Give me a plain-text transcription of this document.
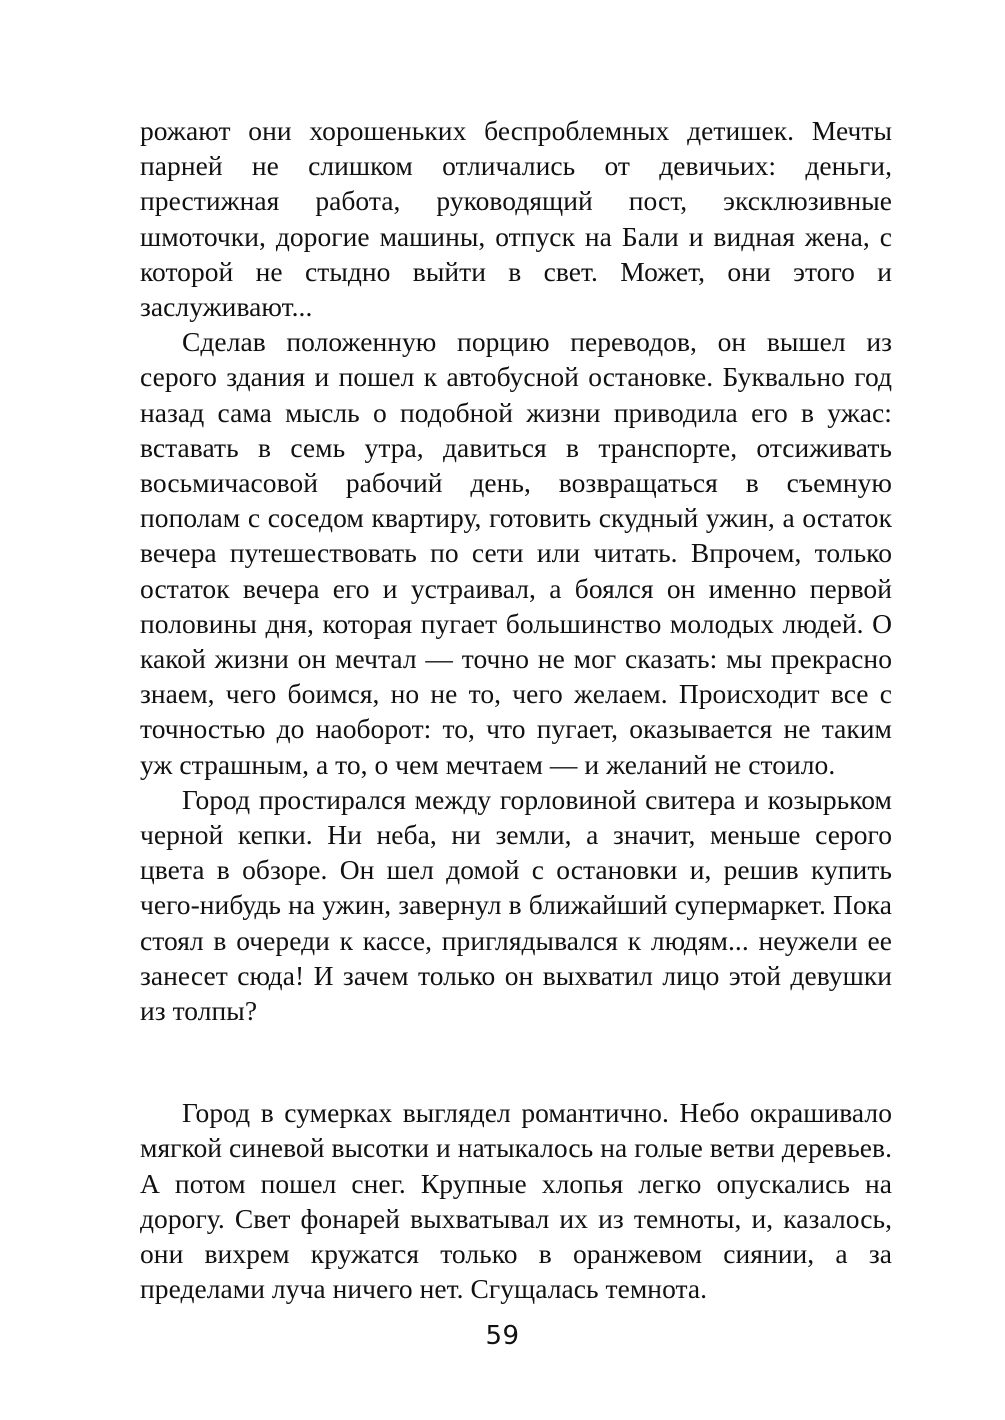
рожают они хорошеньких беспроблемных детишек. Мечты парней не слишком отличались от девичьих: деньги, престижная работа, руководящий пост, эксклюзивные шмоточки, дорогие машины, отпуск на Бали и видная жена, с которой не стыдно выйти в свет. Может, они этого и заслуживают...

Сделав положенную порцию переводов, он вышел из серого здания и пошел к автобусной остановке. Буквально год назад сама мысль о подобной жизни приводила его в ужас: вставать в семь утра, давиться в транспорте, отсиживать восьмичасовой рабочий день, возвращаться в съемную пополам с соседом квартиру, готовить скудный ужин, а остаток вечера путешествовать по сети или читать. Впрочем, только остаток вечера его и устраивал, а боялся он именно первой половины дня, которая пугает большинство молодых людей. О какой жизни он мечтал — точно не мог сказать: мы прекрасно знаем, чего боимся, но не то, чего желаем. Происходит все с точностью до наоборот: то, что пугает, оказывается не таким уж страшным, а то, о чем мечтаем — и желаний не стоило.

Город простирался между горловиной свитера и козырьком черной кепки. Ни неба, ни земли, а значит, меньше серого цвета в обзоре. Он шел домой с остановки и, решив купить чего-нибудь на ужин, завернул в ближайший супермаркет. Пока стоял в очереди к кассе, приглядывался к людям... неужели ее занесет сюда! И зачем только он выхватил лицо этой девушки из толпы?

Город в сумерках выглядел романтично. Небо окрашивало мягкой синевой высотки и натыкалось на голые ветви деревьев. А потом пошел снег. Крупные хлопья легко опускались на дорогу. Свет фонарей выхватывал их из темноты, и, казалось, они вихрем кружатся только в оранжевом сиянии, а за пределами луча ничего нет. Сгущалась темнота.

59
